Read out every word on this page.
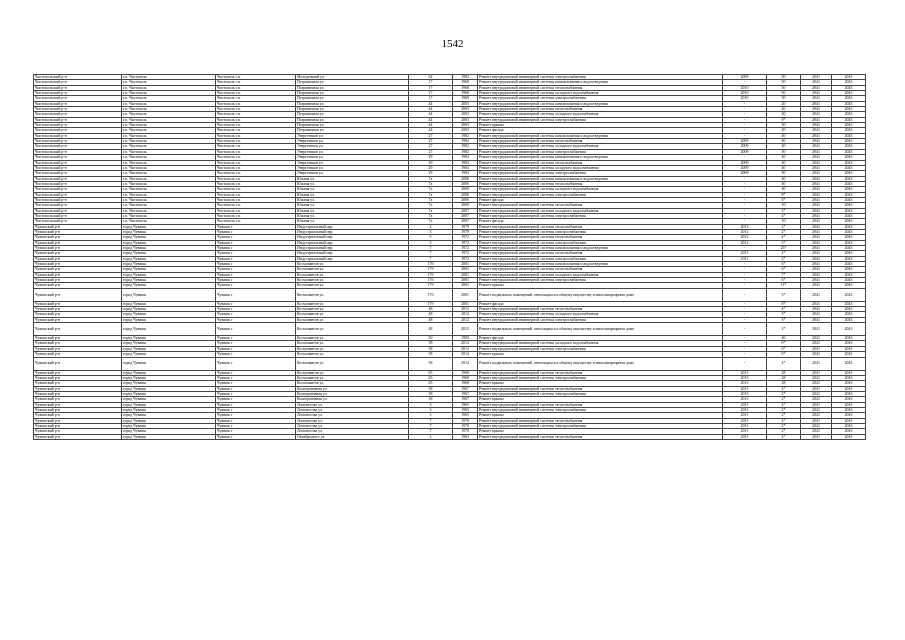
1542
Чистопольский р-н	г.п. Чистополь	Чистополь г.п.	Молодежный ул.	62	1982	Ремонт внутридомовой инженерной системы электроснабжения	2009	50	2041	2043
Чистопольский р-н	г.п. Чистополь	Чистополь г.п.	Пограничная ул.	17	1968	Ремонт внутридомовой инженерной системы канализования и водоотведения	-	50	2041	2043
Чистопольский р-н	г.п. Чистополь	Чистополь г.п.	Пограничная ул.	17	1968	Ремонт внутридомовой инженерной системы теплоснабжения	2010	50	2041	2043
Чистопольский р-н	г.п. Чистополь	Чистополь г.п.	Пограничная ул.	17	1968	Ремонт внутридомовой инженерной системы холодного водоснабжения	2010	50	2041	2043
Чистопольский р-н	г.п. Чистополь	Чистополь г.п.	Пограничная ул.	17	1968	Ремонт внутридомовой инженерной системы электроснабжения	2010	50	2041	2043
Чистопольский р-н	г.п. Чистополь	Чистополь г.п.	Пограничная ул.	44	2003	Ремонт внутридомовой инженерной системы канализования и водоотведения	-	20	2041	2043
Чистопольский р-н	г.п. Чистополь	Чистополь г.п.	Пограничная ул.	44	2003	Ремонт внутридомовой инженерной системы теплоснабжения	-	20	2041	2043
Чистопольский р-н	г.п. Чистополь	Чистополь г.п.	Пограничная ул.	44	2003	Ремонт внутридомовой инженерной системы холодного водоснабжения	-	20	2041	2043
Чистопольский р-н	г.п. Чистополь	Чистополь г.п.	Пограничная ул.	44	2003	Ремонт внутридомовой инженерной системы электроснабжения	-	9*	2041	2043
Чистопольский р-н	г.п. Чистополь	Чистополь г.п.	Пограничная ул.	44	2003	Ремонт крыши	-	30	2041	2043
Чистопольский р-н	г.п. Чистополь	Чистополь г.п.	Пограничная ул.	44	2003	Ремонт фасада	-	20	2041	2043
Чистопольский р-н	г.п. Чистополь	Чистополь г.п.	Энергетиков ул.	27	1982	Ремонт внутридомовой инженерной системы канализования и водоотведения	-	40	2041	2043
Чистопольский р-н	г.п. Чистополь	Чистополь г.п.	Энергетиков ул.	27	1982	Ремонт внутридомовой инженерной системы теплоснабжения	2009	40	2041	2043
Чистопольский р-н	г.п. Чистополь	Чистополь г.п.	Энергетиков ул.	27	1982	Ремонт внутридомовой инженерной системы холодного водоснабжения	2009	40	2041	2043
Чистопольский р-н	г.п. Чистополь	Чистополь г.п.	Энергетиков ул.	27	1982	Ремонт внутридомовой инженерной системы электроснабжения	2009	50	2041	2043
Чистопольский р-н	г.п. Чистополь	Чистополь г.п.	Энергетиков ул.	29	1984	Ремонт внутридомовой инженерной системы канализования и водоотведения	-	40	2041	2043
Чистопольский р-н	г.п. Чистополь	Чистополь г.п.	Энергетиков ул.	29	1984	Ремонт внутридомовой инженерной системы теплоснабжения	2009	40	2041	2043
Чистопольский р-н	г.п. Чистополь	Чистополь г.п.	Энергетиков ул.	29	1984	Ремонт внутридомовой инженерной системы холодного водоснабжения	2009	40	2041	2043
Чистопольский р-н	г.п. Чистополь	Чистополь г.п.	Энергетиков ул.	29	1984	Ремонт внутридомовой инженерной системы электроснабжения	2009	50	2041	2043
Чистопольский р-н	г.п. Чистополь	Чистополь г.п.	Южная ул.	7а	2000	Ремонт внутридомовой инженерной системы канализования и водоотведения	-	40	2041	2043
Чистопольский р-н	г.п. Чистополь	Чистополь г.п.	Южная ул.	7а	2000	Ремонт внутридомовой инженерной системы теплоснабжения	-	40	2041	2043
Чистопольский р-н	г.п. Чистополь	Чистополь г.п.	Южная ул.	7а	2000	Ремонт внутридомовой инженерной системы холодного водоснабжения	-	40	2041	2043
Чистопольский р-н	г.п. Чистополь	Чистополь г.п.	Южная ул.	7а	2000	Ремонт внутридомовой инженерной системы электроснабжения	-	8*	2041	2043
Чистопольский р-н	г.п. Чистополь	Чистополь г.п.	Южная ул.	7а	2000	Ремонт фасада	-	0*	2041	2043
Чистопольский р-н	г.п. Чистополь	Чистополь г.п.	Южная ул.	7а	2000	Ремонт внутридомовой инженерной системы теплоснабжения	-	10	2041	2043
Чистопольский р-н	г.п. Чистополь	Чистополь г.п.	Южная ул.	7а	2007	Ремонт внутридомовой инженерной системы холодного водоснабжения	-	5*	2041	2043
Чистопольский р-н	г.п. Чистополь	Чистополь г.п.	Южная ул.	7а	2007	Ремонт внутридомовой инженерной системы электроснабжения	-	4*	2041	2043
Чистопольский р-н	г.п. Чистополь	Чистополь г.п.	Южная ул.	7а	2007	Ремонт фасада	-	10	2041	2043
Чувашский р-н	город Чувашк	Чувашк г	Индустриальный пер.	2	1979	Ремонт внутридомовой инженерной системы теплоснабжения	2013	2*	2041	2043
Чувашский р-н	город Чувашк	Чувашк г	Индустриальный пер.	3	1979	Ремонт внутридомовой инженерной системы электроснабжения	2012	2*	2041	2043
Чувашский р-н	город Чувашк	Чувашк г	Индустриальный пер.	5	1972	Ремонт внутридомовой инженерной системы теплоснабжения	2012	4*	2041	2043
Чувашский р-н	город Чувашк	Чувашк г	Индустриальный пер.	5	1972	Ремонт внутридомовой инженерной системы электроснабжения	2012	5*	2041	2043
Чувашский р-н	город Чувашк	Чувашк г	Индустриальный пер.	7	1972	Ремонт внутридомовой инженерной системы канализования и водоотведения	-	25*	2041	2043
Чувашский р-н	город Чувашк	Чувашк г	Индустриальный пер.	7	1972	Ремонт внутридомовой инженерной системы теплоснабжения	2011	2*	2041	2043
Чувашский р-н	город Чувашк	Чувашк г	Индустриальный пер.	7	1972	Ремонт внутридомовой инженерной системы электроснабжения	2011	2*	2041	2043
Чувашский р-н	город Чувашк	Чувашк г	Космонавтов ул.	17б	2001	Ремонт внутридомовой инженерной системы канализования и водоотведения	-	6*	2041	2043
Чувашский р-н	город Чувашк	Чувашк г	Космонавтов ул.	17б	2001	Ремонт внутридомовой инженерной системы теплоснабжения	-	6*	2041	2043
Чувашский р-н	город Чувашк	Чувашк г	Космонавтов ул.	17б	2001	Ремонт внутридомовой инженерной системы холодного водоснабжения	-	7*	2041	2043
Чувашский р-н	город Чувашк	Чувашк г	Космонавтов ул.	17б	2001	Ремонт внутридомовой инженерной системы электроснабжения	-	6*	2041	2043
Чувашский р-н	город Чувашк	Чувашк г	Космонавтов ул.	17б	2001	Ремонт крыши	-	11*	2041	2043
Чувашский р-н	город Чувашк	Чувашк г	Космонавтов ул.	17б	2001	Ремонт подвальных помещений, относящихся к общему имуществу в многоквартирном доме	-	5*	2041	2043
Чувашский р-н	город Чувашк	Чувашк г	Космонавтов ул.	17б	2001	Ремонт фасада	-	8*	2041	2043
Чувашский р-н	город Чувашк	Чувашк г	Космонавтов ул.	48	2012	Ремонт внутридомовой инженерной системы теплоснабжения	-	4*	2041	2043
Чувашский р-н	город Чувашк	Чувашк г	Космонавтов ул.	48	2012	Ремонт внутридомовой инженерной системы холодного водоснабжения	-	3*	2041	2043
Чувашский р-н	город Чувашк	Чувашк г	Космонавтов ул.	48	2012	Ремонт внутридомовой инженерной системы электроснабжения	-	3*	2041	2043
Чувашский р-н	город Чувашк	Чувашк г	Космонавтов ул.	48	2012	Ремонт подвальных помещений, относящихся к общему имуществу в многоквартирном доме	-	2*	2041	2043
Чувашский р-н	город Чувашк	Чувашк г	Космонавтов ул.	50	1983	Ремонт фасада	-	40	2041	2043
Чувашский р-н	город Чувашк	Чувашк г	Космонавтов ул.	58	2014	Ремонт внутридомовой инженерной системы холодного водоснабжения	-	0*	2041	2043
Чувашский р-н	город Чувашк	Чувашк г	Космонавтов ул.	58	2014	Ремонт внутридомовой инженерной системы электроснабжения	-	0*	2041	2043
Чувашский р-н	город Чувашк	Чувашк г	Космонавтов ул.	58	2014	Ремонт крыши	-	0*	2041	2043
Чувашский р-н	город Чувашк	Чувашк г	Космонавтов ул.	58	2014	Ремонт подвальных помещений, относящихся к общему имуществу в многоквартирном доме	-	4*	2041	2043
Чувашский р-н	город Чувашк	Чувашк г	Космонавтов ул.	65	1968	Ремонт внутридомовой инженерной системы теплоснабжения	2013	28	2041	2043
Чувашский р-н	город Чувашк	Чувашк г	Космонавтов ул.	65	1968	Ремонт внутридомовой инженерной системы электроснабжения	2013	28	2041	2043
Чувашский р-н	город Чувашк	Чувашк г	Космонавтов ул.	65	1968	Ремонт крыши	2013	28	2041	2043
Чувашский р-н	город Чувашк	Чувашк г	Кооперативная ул.	38	1967	Ремонт внутридомовой инженерной системы теплоснабжения	2013	2*	2041	2043
Чувашский р-н	город Чувашк	Чувашк г	Кооперативная ул.	38	1967	Ремонт внутридомовой инженерной системы электроснабжения	2013	2*	2041	2043
Чувашский р-н	город Чувашк	Чувашк г	Кооперативная ул.	38	1967	Ремонт крыши	2013	2*	2041	2043
Чувашский р-н	город Чувашк	Чувашк г	Ломоносова ул.	3	1965	Ремонт внутридомовой инженерной системы теплоснабжения	2011	2*	2041	2043
Чувашский р-н	город Чувашк	Чувашк г	Ломоносова ул.	3	1965	Ремонт внутридомовой инженерной системы электроснабжения	2011	2*	2041	2043
Чувашский р-н	город Чувашк	Чувашк г	Ломоносова ул.	3	1965	Ремонт крыши	2011	2*	2041	2043
Чувашский р-н	город Чувашк	Чувашк г	Ломоносова ул.	7	1970	Ремонт внутридомовой инженерной системы теплоснабжения	2011	2*	2041	2043
Чувашский р-н	город Чувашк	Чувашк г	Ломоносова ул.	7	1970	Ремонт внутридомовой инженерной системы электроснабжения	2011	2*	2041	2043
Чувашский р-н	город Чувашк	Чувашк г	Ломоносова ул.	7	1970	Ремонт крыши	2011	2*	2041	2043
Чувашский р-н	город Чувашк	Чувашк г	Октябрьского ул.	2	1963	Ремонт внутридомовой инженерной системы теплоснабжения	2011	2*	2041	2043
